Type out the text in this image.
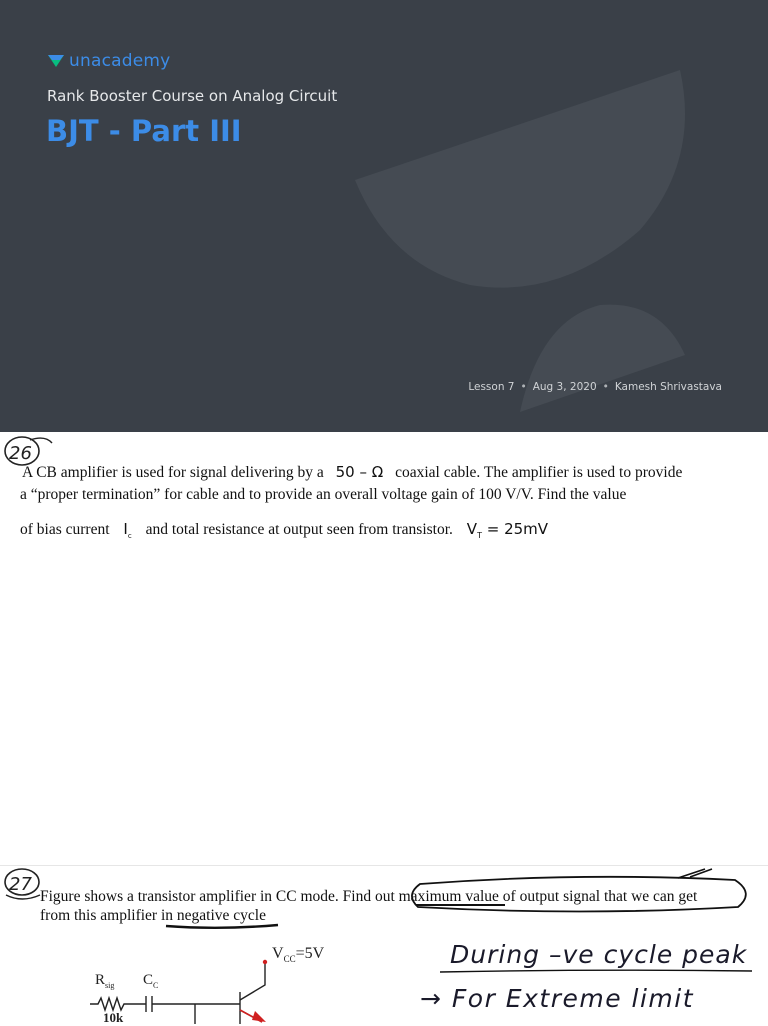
unacademy
Rank Booster Course on Analog Circuit
BJT - Part III
Lesson 7 • Aug 3, 2020 • Kamesh Shrivastava
A CB amplifier is used for signal delivering by a 50 – Ω coaxial cable. The amplifier is used to provide
a “proper termination” for cable and to provide an overall voltage gain of 100 V/V. Find the value
of bias current $I_c$ and total resistance at output seen from transistor. $V_T = 25mV$
Figure shows a transistor amplifier in CC mode. Find out maximum value of output signal that we can get
from this amplifier in negative cycle
$V_{CC}=5V$
$R_{sig}$ $C_C$
10k
During –ve cycle peak
→ For Extreme limit
26
27
